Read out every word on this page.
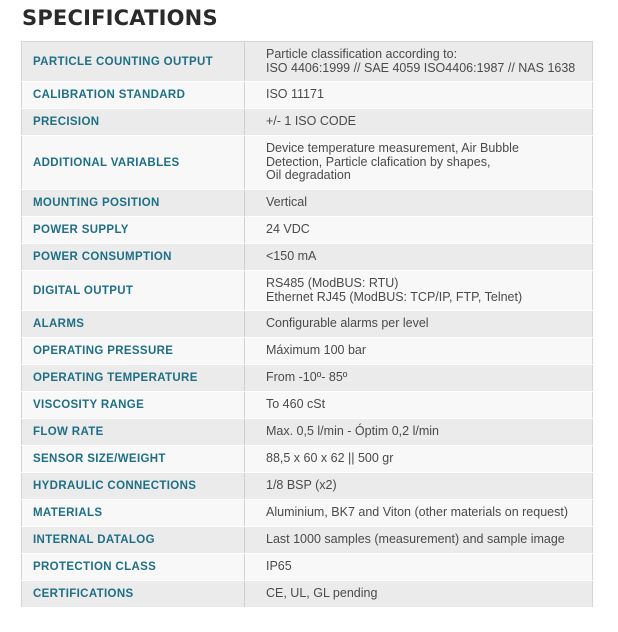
SPECIFICATIONS
PARTICLE COUNTING OUTPUT	Particle classification according to:
ISO 4406:1999 // SAE 4059 ISO4406:1987 // NAS 1638
CALIBRATION STANDARD	ISO 11171
PRECISION	+/- 1 ISO CODE
ADDITIONAL VARIABLES	Device temperature measurement, Air Bubble
Detection, Particle clafication by shapes,
Oil degradation
MOUNTING POSITION	Vertical
POWER SUPPLY	24 VDC
POWER CONSUMPTION	<150 mA
DIGITAL OUTPUT	RS485 (ModBUS: RTU)
Ethernet RJ45 (ModBUS: TCP/IP, FTP, Telnet)
ALARMS	Configurable alarms per level
OPERATING PRESSURE	Máximum 100 bar
OPERATING TEMPERATURE	From -10º- 85º
VISCOSITY RANGE	To 460 cSt
FLOW RATE	Max. 0,5 l/min - Óptim 0,2 l/min
SENSOR SIZE/WEIGHT	88,5 x 60 x 62 || 500 gr
HYDRAULIC CONNECTIONS	1/8 BSP (x2)
MATERIALS	Aluminium, BK7 and Viton (other materials on request)
INTERNAL DATALOG	Last 1000 samples (measurement) and sample image
PROTECTION CLASS	IP65
CERTIFICATIONS	CE, UL, GL pending
